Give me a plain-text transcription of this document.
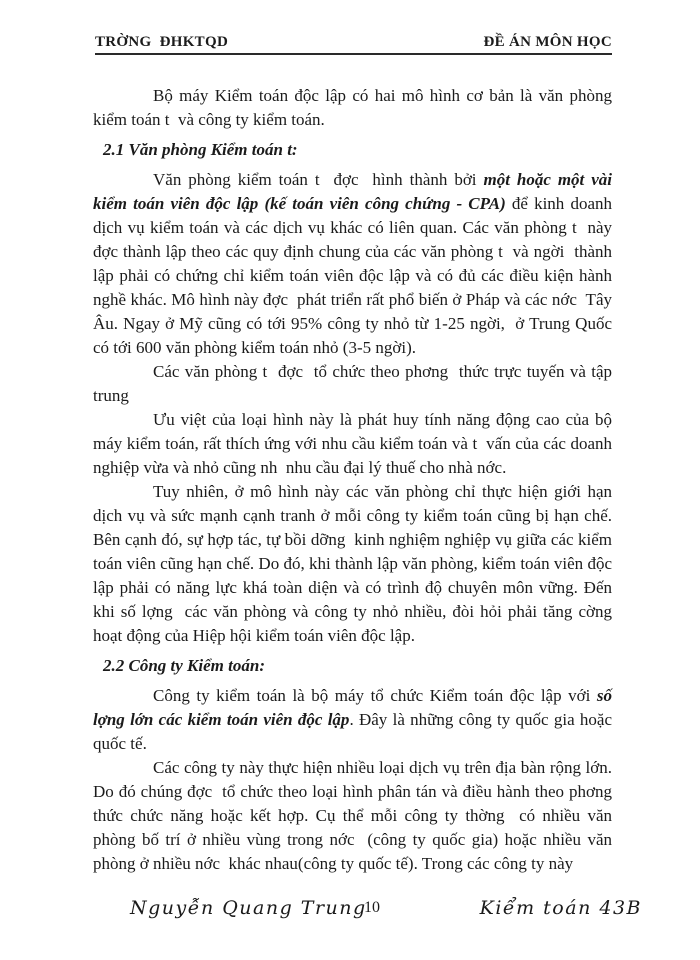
TRỜNG  ĐHKTQD	ĐỀ ÁN MÔN HỌC

Bộ máy Kiểm toán độc lập có hai mô hình cơ bản là văn phòng kiểm toán t  và công ty kiểm toán.

2.1 Văn phòng Kiểm toán t:

Văn phòng kiểm toán t  đợc  hình thành bởi một hoặc một vài kiểm toán viên độc lập (kế toán viên công chứng - CPA) để kinh doanh dịch vụ kiểm toán và các dịch vụ khác có liên quan. Các văn phòng t  này đợc thành lập theo các quy định chung của các văn phòng t  và ngời  thành lập phải có chứng chỉ kiểm toán viên độc lập và có đủ các điều kiện hành nghề khác. Mô hình này đợc  phát triển rất phổ biến ở Pháp và các nớc  Tây Âu. Ngay ở Mỹ cũng có tới 95% công ty nhỏ từ 1-25 ngời,  ở Trung Quốc có tới 600 văn phòng kiểm toán nhỏ (3-5 ngời).

Các văn phòng t  đợc  tổ chức theo phơng  thức trực tuyến và tập trung

Ưu việt của loại hình này là phát huy tính năng động cao của bộ máy kiểm toán, rất thích ứng với nhu cầu kiểm toán và t  vấn của các doanh nghiệp vừa và nhỏ cũng nh  nhu cầu đại lý thuế cho nhà nớc.

Tuy nhiên, ở mô hình này các văn phòng chỉ thực hiện giới hạn dịch vụ và sức mạnh cạnh tranh ở mỗi công ty kiểm toán cũng bị hạn chế. Bên cạnh đó, sự hợp tác, tự bồi dỡng  kinh nghiệm nghiệp vụ giữa các kiểm toán viên cũng hạn chế. Do đó, khi thành lập văn phòng, kiểm toán viên độc lập phải có năng lực khá toàn diện và có trình độ chuyên môn vững. Đến khi số lợng  các văn phòng và công ty nhỏ nhiều, đòi hỏi phải tăng cờng hoạt động của Hiệp hội kiểm toán viên độc lập.

2.2 Công ty Kiểm toán:

Công ty kiểm toán là bộ máy tổ chức Kiểm toán độc lập với số lợng lớn các kiểm toán viên độc lập. Đây là những công ty quốc gia hoặc quốc tế.

Các công ty này thực hiện nhiều loại dịch vụ trên địa bàn rộng lớn. Do đó chúng đợc  tổ chức theo loại hình phân tán và điều hành theo phơng  thức chức năng hoặc kết hợp. Cụ thể mỗi công ty thờng  có nhiều văn phòng bố trí ở nhiều vùng trong nớc  (công ty quốc gia) hoặc nhiều văn phòng ở nhiều nớc  khác nhau(công ty quốc tế). Trong các công ty này

Nguyễn Quang Trung
10	Kiểm toán 43B
